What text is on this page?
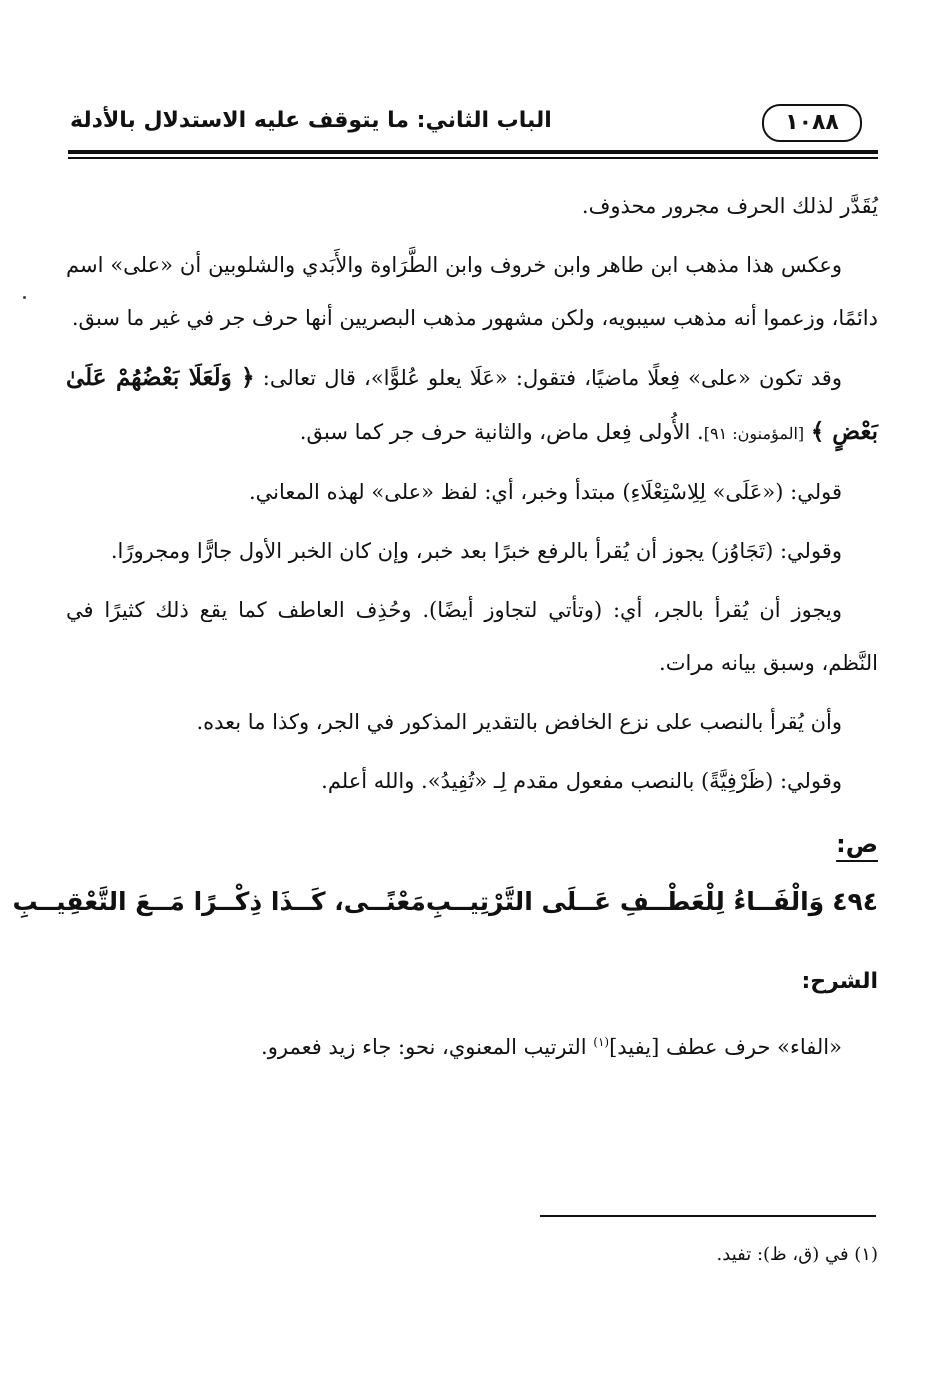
١٠٨٨
الباب الثاني: ما يتوقف عليه الاستدلال بالأدلة

يُقَدَّر لذلك الحرف مجرور محذوف.

وعكس هذا مذهب ابن طاهر وابن خروف وابن الطَّرَاوة والأَبَدي والشلوبين أن «على» اسم دائمًا، وزعموا أنه مذهب سيبويه، ولكن مشهور مذهب البصريين أنها حرف جر في غير ما سبق.

وقد تكون «على» فِعلًا ماضيًا، فتقول: «عَلَا يعلو عُلوًّا»، قال تعالى: ﴿ وَلَعَلَا بَعْضُهُمْ عَلَىٰ بَعْضٍ ﴾ [المؤمنون: ٩١]. الأُولى فِعل ماض، والثانية حرف جر كما سبق.

قولي: («عَلَى» لِلِاسْتِعْلَاءِ) مبتدأ وخبر، أي: لفظ «على» لهذه المعاني.

وقولي: (تَجَاوُز) يجوز أن يُقرأ بالرفع خبرًا بعد خبر، وإن كان الخبر الأول جارًّا ومجرورًا.

ويجوز أن يُقرأ بالجر، أي: (وتأتي لتجاوز أيضًا). وحُذِف العاطف كما يقع ذلك كثيرًا في النَّظم، وسبق بيانه مرات.

وأن يُقرأ بالنصب على نزع الخافض بالتقدير المذكور في الجر، وكذا ما بعده.

وقولي: (ظَرْفِيَّةً) بالنصب مفعول مقدم لِـ «تُفِيدُ». والله أعلم.

ص:
٤٩٤وَالْفَــاءُ لِلْعَطْــفِ عَــلَى التَّرْتِيــبِ
مَعْنًــى، كَــذَا ذِكْــرًا مَــعَ التَّعْقِيــبِ
الشرح:

«الفاء» حرف عطف [يفيد]$^{(١)}$ الترتيب المعنوي، نحو: جاء زيد فعمرو.

(١) في (ق، ظ): تفيد.
